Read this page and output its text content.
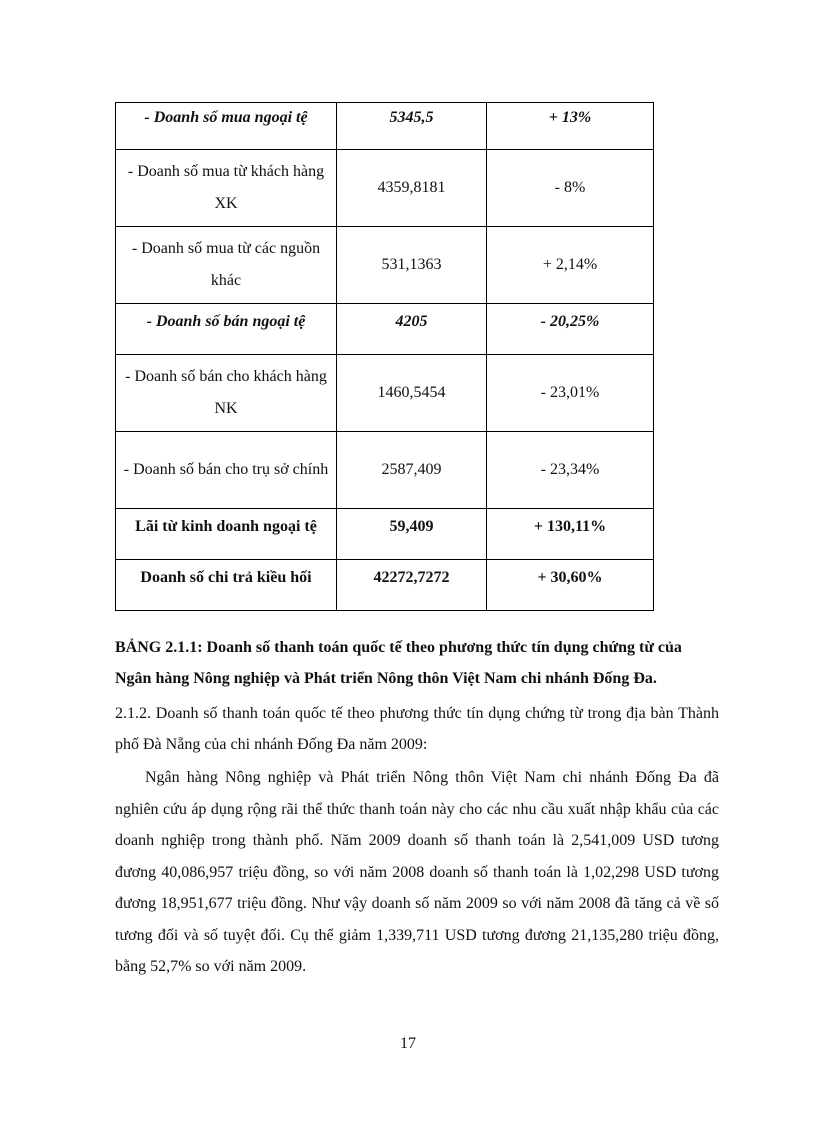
- Doanh số mua ngoại tệ	5345,5	+ 13%
- Doanh số mua từ khách hàng XK	4359,8181	- 8%
- Doanh số mua từ các nguồn khác	531,1363	+ 2,14%
- Doanh số bán ngoại tệ	4205	- 20,25%
- Doanh số bán cho khách hàng NK	1460,5454	- 23,01%
- Doanh số bán cho trụ sở chính	2587,409	- 23,34%
Lãi từ kinh doanh ngoại tệ	59,409	+ 130,11%
Doanh số chi trả kiều hối	42272,7272	+ 30,60%

BẢNG 2.1.1: Doanh số thanh toán quốc tế theo phương thức tín dụng chứng từ của
Ngân hàng Nông nghiệp và Phát triển Nông thôn Việt Nam chi nhánh Đống Đa.

2.1.2. Doanh số thanh toán quốc tế theo phương thức tín dụng chứng từ trong địa bàn Thành phố Đà Nẵng của chi nhánh Đống Đa năm 2009:

Ngân hàng Nông nghiệp và Phát triển Nông thôn Việt Nam chi nhánh Đống Đa đã nghiên cứu áp dụng rộng rãi thể thức thanh toán này cho các nhu cầu xuất nhập khẩu của các doanh nghiệp trong thành phố. Năm 2009 doanh số thanh toán là 2,541,009 USD tương đương 40,086,957 triệu đồng, so với năm 2008 doanh số thanh toán là 1,02,298 USD tương đương 18,951,677 triệu đồng. Như vậy doanh số năm 2009 so với năm 2008 đã tăng cả về số tương đối và số tuyệt đối. Cụ thể giảm 1,339,711 USD tương đương 21,135,280 triệu đồng, bằng 52,7% so với năm 2009.

17
